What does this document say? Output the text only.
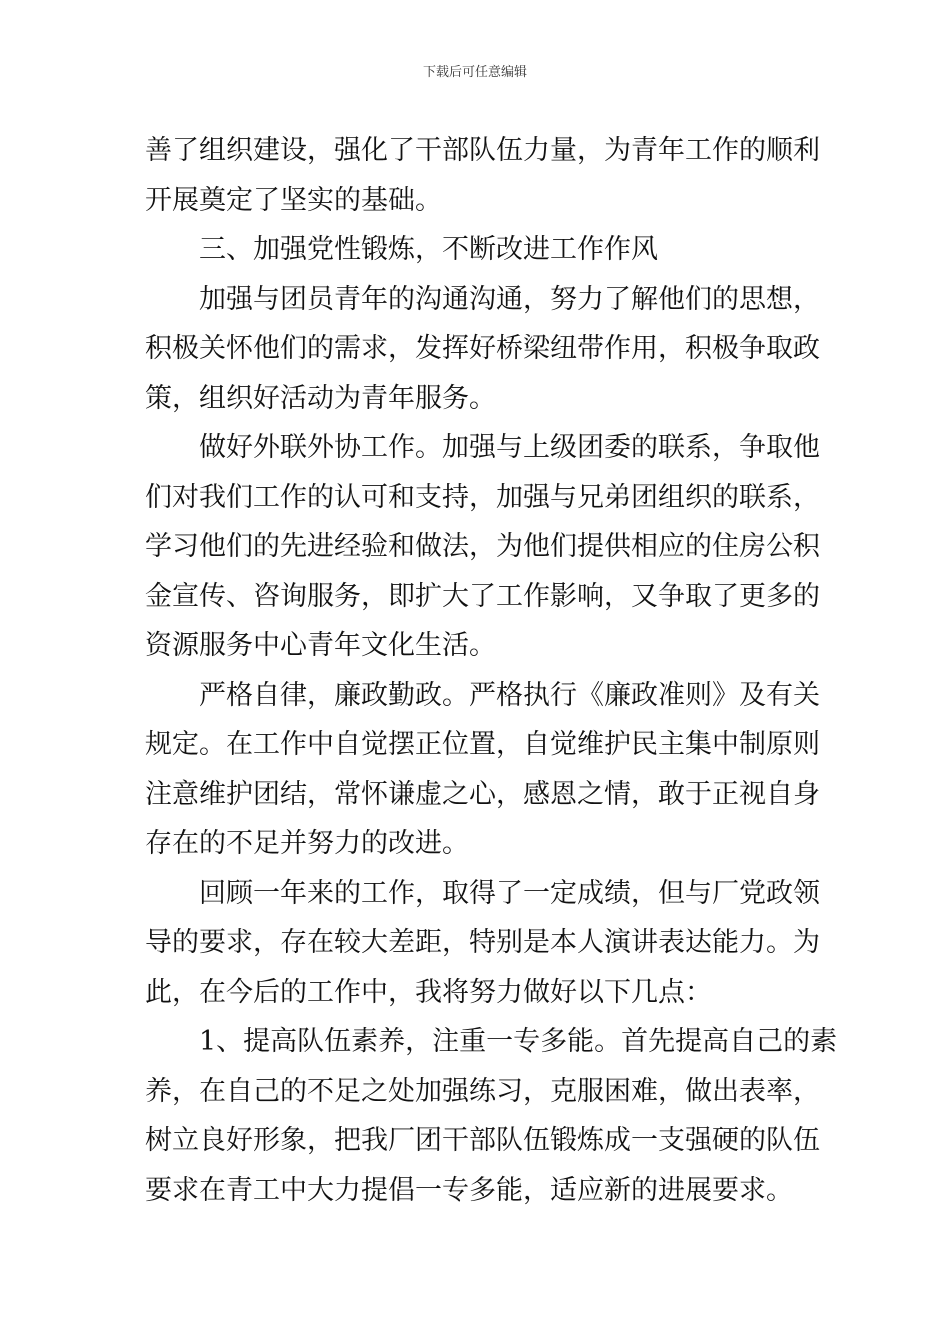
下载后可任意编辑
善了组织建设，强化了干部队伍力量，为青年工作的顺利
开展奠定了坚实的基础。
三、加强党性锻炼，不断改进工作作风
加强与团员青年的沟通沟通，努力了解他们的思想，
积极关怀他们的需求，发挥好桥梁纽带作用，积极争取政
策，组织好活动为青年服务。
做好外联外协工作。加强与上级团委的联系，争取他
们对我们工作的认可和支持，加强与兄弟团组织的联系，
学习他们的先进经验和做法，为他们提供相应的住房公积
金宣传、咨询服务，即扩大了工作影响，又争取了更多的
资源服务中心青年文化生活。
严格自律，廉政勤政。严格执行《廉政准则》及有关
规定。在工作中自觉摆正位置，自觉维护民主集中制原则
注意维护团结，常怀谦虚之心，感恩之情，敢于正视自身
存在的不足并努力的改进。
回顾一年来的工作，取得了一定成绩，但与厂党政领
导的要求，存在较大差距，特别是本人演讲表达能力。为
此，在今后的工作中，我将努力做好以下几点：
1、提高队伍素养，注重一专多能。首先提高自己的素
养，在自己的不足之处加强练习，克服困难，做出表率，
树立良好形象，把我厂团干部队伍锻炼成一支强硬的队伍
要求在青工中大力提倡一专多能，适应新的进展要求。
